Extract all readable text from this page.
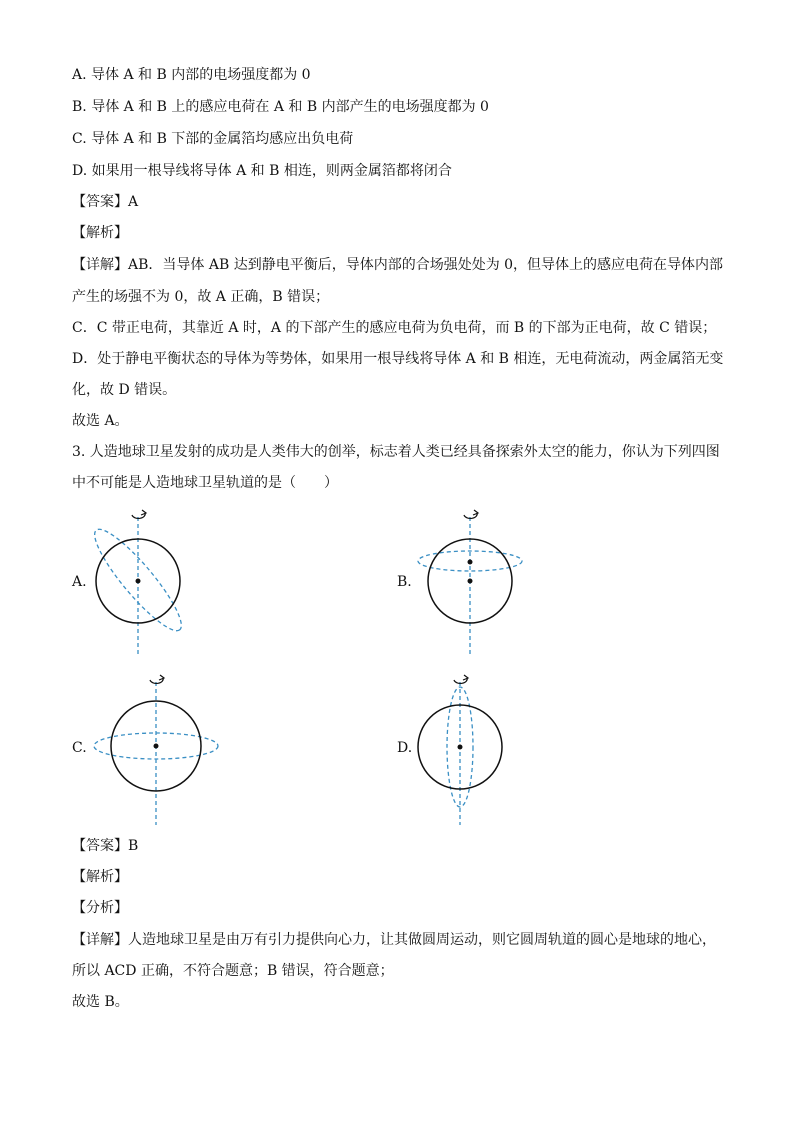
A. 导体 A 和 B 内部的电场强度都为 0
B. 导体 A 和 B 上的感应电荷在 A 和 B 内部产生的电场强度都为 0
C. 导体 A 和 B 下部的金属箔均感应出负电荷
D. 如果用一根导线将导体 A 和 B 相连，则两金属箔都将闭合
【答案】A
【解析】
【详解】AB．当导体 AB 达到静电平衡后，导体内部的合场强处处为 0，但导体上的感应电荷在导体内部
产生的场强不为 0，故 A 正确，B 错误；
C．C 带正电荷，其靠近 A 时，A 的下部产生的感应电荷为负电荷，而 B 的下部为正电荷，故 C 错误；
D．处于静电平衡状态的导体为等势体，如果用一根导线将导体 A 和 B 相连，无电荷流动，两金属箔无变
化，故 D 错误。
故选 A。
3. 人造地球卫星发射的成功是人类伟大的创举，标志着人类已经具备探索外太空的能力，你认为下列四图
中不可能是人造地球卫星轨道的是（　　）
A.	B.
C.	D.
【答案】B
【解析】
【分析】
【详解】人造地球卫星是由万有引力提供向心力，让其做圆周运动，则它圆周轨道的圆心是地球的地心，
所以 ACD 正确，不符合题意；B 错误，符合题意；
故选 B。
